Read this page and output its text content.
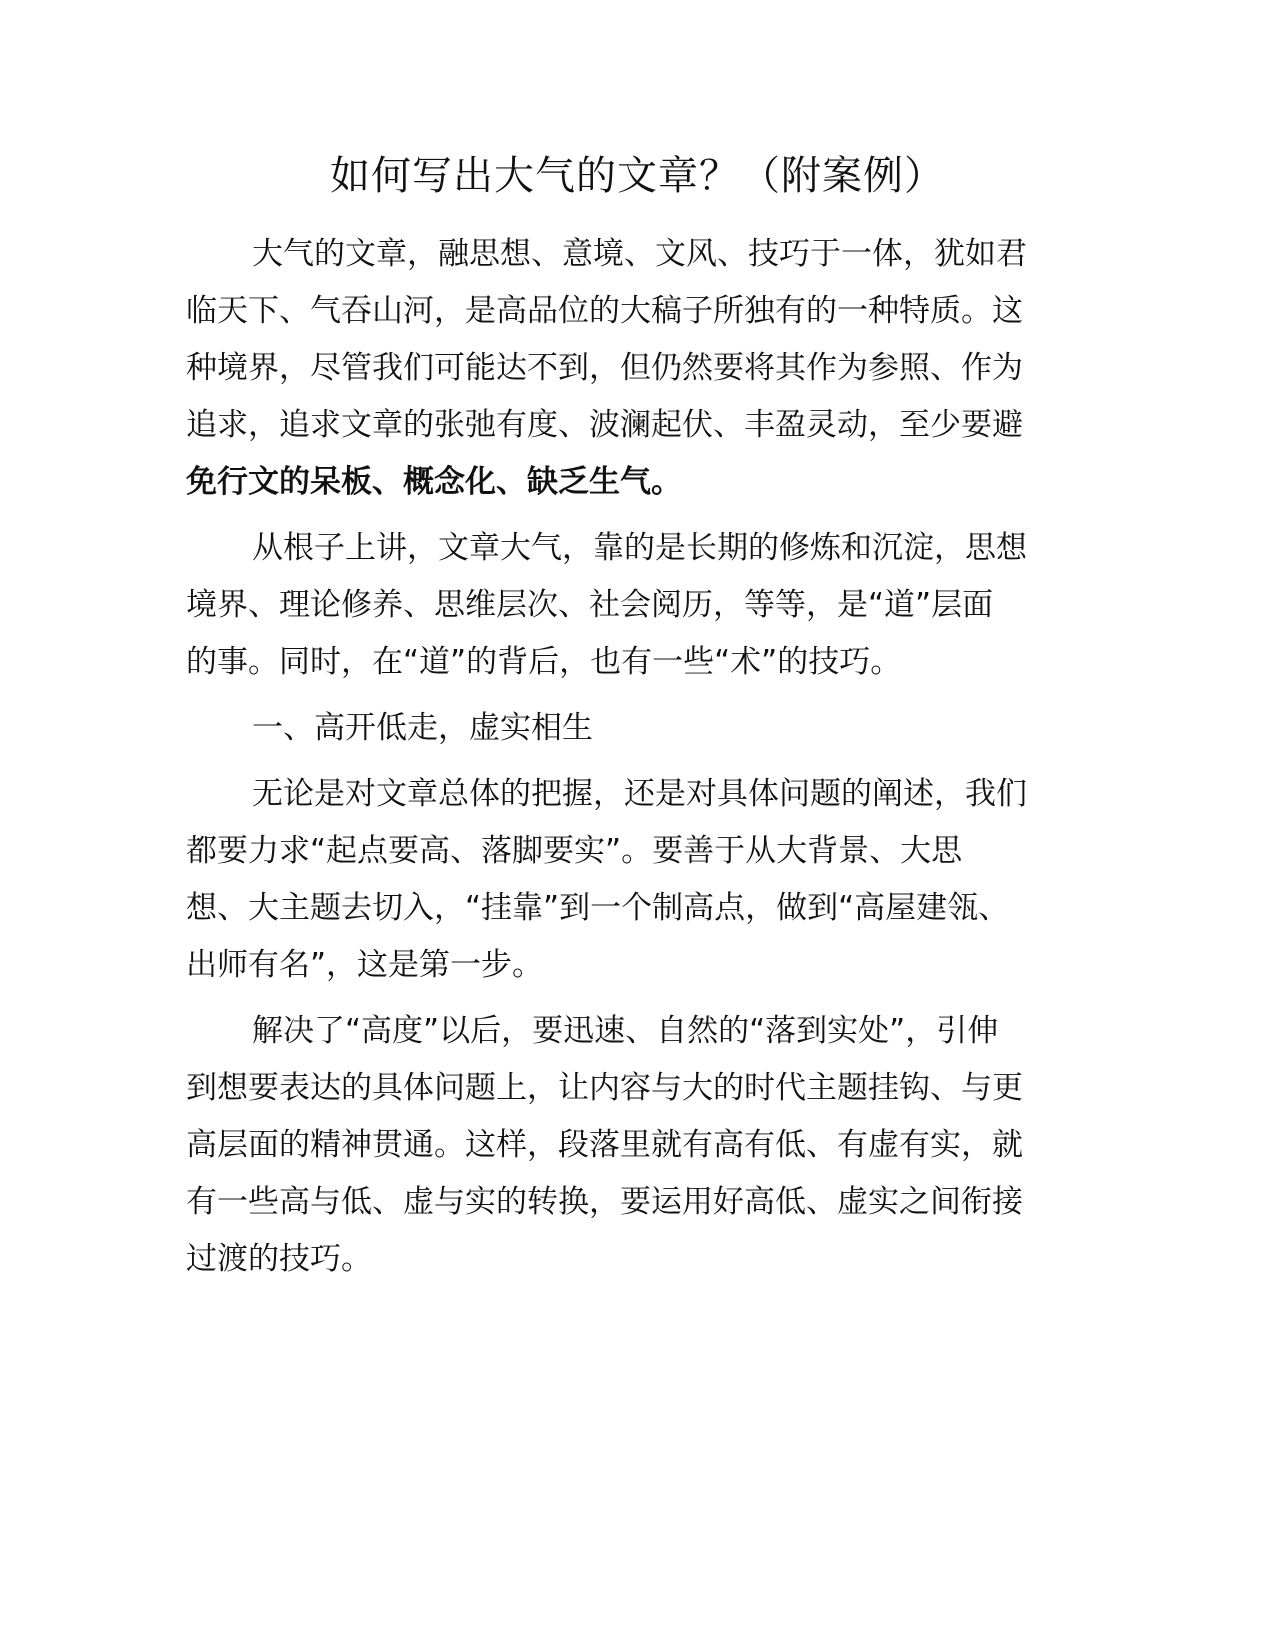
如何写出大气的文章？（附案例）

大气的文章，融思想、意境、文风、技巧于一体，犹如君
临天下、气吞山河，是高品位的大稿子所独有的一种特质。这
种境界，尽管我们可能达不到，但仍然要将其作为参照、作为
追求，追求文章的张弛有度、波澜起伏、丰盈灵动，至少要避
免行文的呆板、概念化、缺乏生气。

从根子上讲，文章大气，靠的是长期的修炼和沉淀，思想
境界、理论修养、思维层次、社会阅历，等等，是“道”层面
的事。同时，在“道”的背后，也有一些“术”的技巧。

一、高开低走，虚实相生

无论是对文章总体的把握，还是对具体问题的阐述，我们
都要力求“起点要高、落脚要实”。要善于从大背景、大思
想、大主题去切入，“挂靠”到一个制高点，做到“高屋建瓴、
出师有名”，这是第一步。

解决了“高度”以后，要迅速、自然的“落到实处”，引伸
到想要表达的具体问题上，让内容与大的时代主题挂钩、与更
高层面的精神贯通。这样，段落里就有高有低、有虚有实，就
有一些高与低、虚与实的转换，要运用好高低、虚实之间衔接
过渡的技巧。
